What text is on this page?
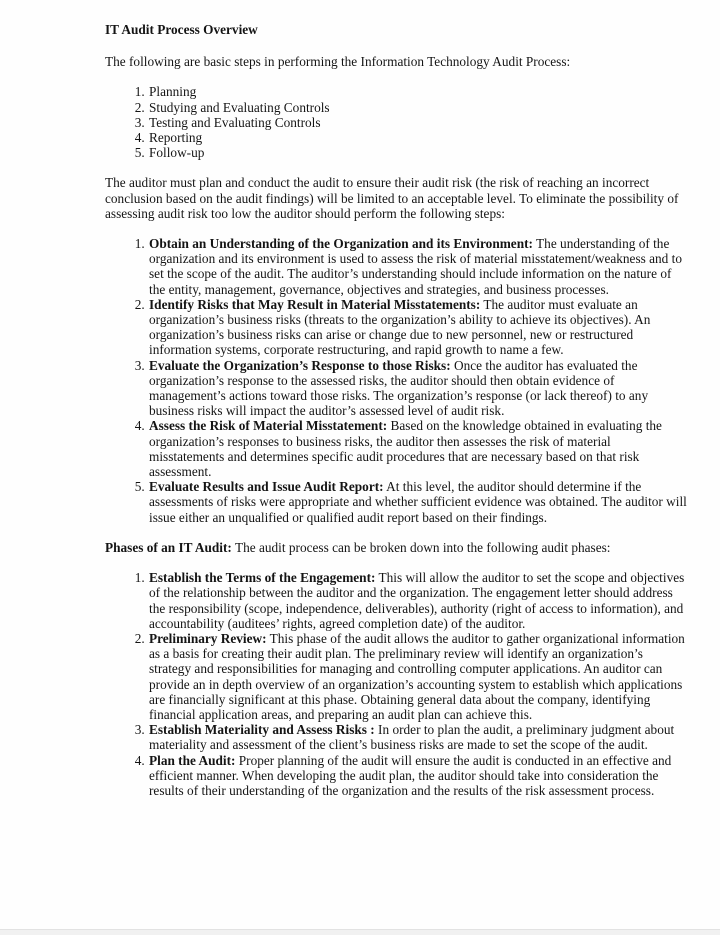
IT Audit Process Overview

The following are basic steps in performing the Information Technology Audit Process:

1. Planning
2. Studying and Evaluating Controls
3. Testing and Evaluating Controls
4. Reporting
5. Follow-up

The auditor must plan and conduct the audit to ensure their audit risk (the risk of reaching an incorrect conclusion based on the audit findings) will be limited to an acceptable level. To eliminate the possibility of assessing audit risk too low the auditor should perform the following steps:

1. Obtain an Understanding of the Organization and its Environment: The understanding of the organization and its environment is used to assess the risk of material misstatement/weakness and to set the scope of the audit. The auditor’s understanding should include information on the nature of the entity, management, governance, objectives and strategies, and business processes.
2. Identify Risks that May Result in Material Misstatements: The auditor must evaluate an organization’s business risks (threats to the organization’s ability to achieve its objectives). An organization’s business risks can arise or change due to new personnel, new or restructured information systems, corporate restructuring, and rapid growth to name a few.
3. Evaluate the Organization’s Response to those Risks: Once the auditor has evaluated the organization’s response to the assessed risks, the auditor should then obtain evidence of management’s actions toward those risks. The organization’s response (or lack thereof) to any business risks will impact the auditor’s assessed level of audit risk.
4. Assess the Risk of Material Misstatement: Based on the knowledge obtained in evaluating the organization’s responses to business risks, the auditor then assesses the risk of material misstatements and determines specific audit procedures that are necessary based on that risk assessment.
5. Evaluate Results and Issue Audit Report: At this level, the auditor should determine if the assessments of risks were appropriate and whether sufficient evidence was obtained. The auditor will issue either an unqualified or qualified audit report based on their findings.

Phases of an IT Audit: The audit process can be broken down into the following audit phases:

1. Establish the Terms of the Engagement: This will allow the auditor to set the scope and objectives of the relationship between the auditor and the organization. The engagement letter should address the responsibility (scope, independence, deliverables), authority (right of access to information), and accountability (auditees’ rights, agreed completion date) of the auditor.
2. Preliminary Review: This phase of the audit allows the auditor to gather organizational information as a basis for creating their audit plan. The preliminary review will identify an organization’s strategy and responsibilities for managing and controlling computer applications. An auditor can provide an in depth overview of an organization’s accounting system to establish which applications are financially significant at this phase. Obtaining general data about the company, identifying financial application areas, and preparing an audit plan can achieve this.
3. Establish Materiality and Assess Risks : In order to plan the audit, a preliminary judgment about materiality and assessment of the client’s business risks are made to set the scope of the audit.
4. Plan the Audit: Proper planning of the audit will ensure the audit is conducted in an effective and efficient manner. When developing the audit plan, the auditor should take into consideration the results of their understanding of the organization and the results of the risk assessment process.
